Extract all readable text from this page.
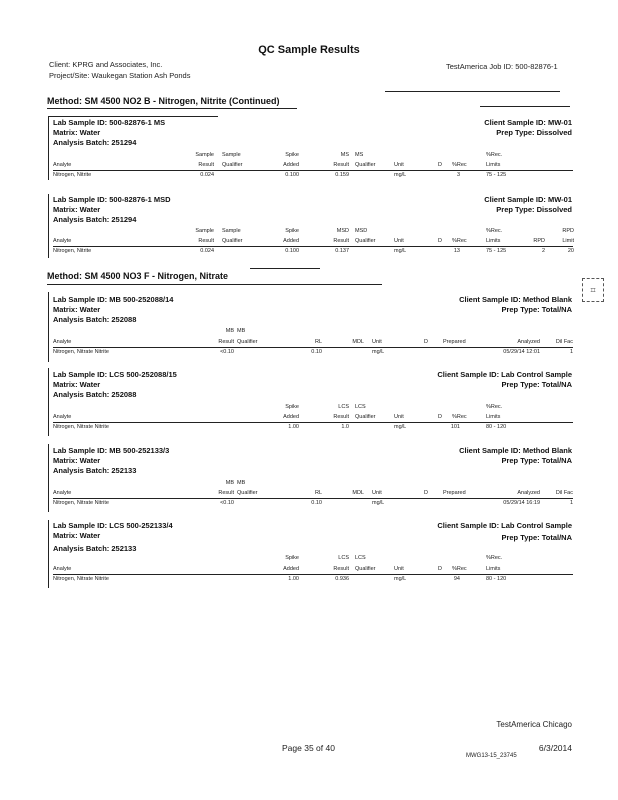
QC Sample Results
Client: KPRG and Associates, Inc.
Project/Site: Waukegan Station Ash Ponds
TestAmerica Job ID: 500-82876-1
Method: SM 4500 NO2 B - Nitrogen, Nitrite (Continued)
Lab Sample ID: 500-82876-1 MS
Matrix: Water
Analysis Batch: 251294
Client Sample ID: MW-01
Prep Type: Dissolved
Sample Sample	Spike	MS MS	%Rec.
Analyte	Result Qualifier	Added	Result Qualifier	Unit	D %Rec	Limits
Nitrogen, Nitrite	0.024	0.100	0.159	mg/L	3	75 - 125
Lab Sample ID: 500-82876-1 MSD
Matrix: Water
Analysis Batch: 251294
Client Sample ID: MW-01
Prep Type: Dissolved
Sample Sample	Spike	MSD MSD	%Rec.	RPD
Analyte	Result Qualifier	Added	Result Qualifier	Unit	D %Rec	Limits	RPD	Limit
Nitrogen, Nitrite	0.024	0.100	0.137	mg/L	13	75 - 125	2	20
Method: SM 4500 NO3 F - Nitrogen, Nitrate
⌗
Lab Sample ID: MB 500-252088/14
Matrix: Water
Analysis Batch: 252088
Client Sample ID: Method Blank
Prep Type: Total/NA
MB MB
Analyte	Result Qualifier	RL	MDL Unit	D	Prepared	Analyzed	Dil Fac
Nitrogen, Nitrate Nitrite	<0.10	0.10	mg/L	05/29/14 12:01	1
Lab Sample ID: LCS 500-252088/15
Matrix: Water
Analysis Batch: 252088
Client Sample ID: Lab Control Sample
Prep Type: Total/NA
Spike	LCS LCS	%Rec.
Analyte	Added	Result Qualifier	Unit	D %Rec	Limits
Nitrogen, Nitrate Nitrite	1.00	1.0	mg/L	101	80 - 120
Lab Sample ID: MB 500-252133/3
Matrix: Water
Analysis Batch: 252133
Client Sample ID: Method Blank
Prep Type: Total/NA
MB MB
Analyte	Result Qualifier	RL	MDL Unit	D	Prepared	Analyzed	Dil Fac
Nitrogen, Nitrate Nitrite	<0.10	0.10	mg/L	05/29/14 16:19	1
Lab Sample ID: LCS 500-252133/4
Matrix: Water
Analysis Batch: 252133
Client Sample ID: Lab Control Sample
Prep Type: Total/NA
Spike	LCS LCS	%Rec.
Analyte	Added	Result Qualifier	Unit	D %Rec	Limits
Nitrogen, Nitrate Nitrite	1.00	0.936	mg/L	94	80 - 120
TestAmerica Chicago
Page 35 of 40	6/3/2014
MWG13-15_23745
